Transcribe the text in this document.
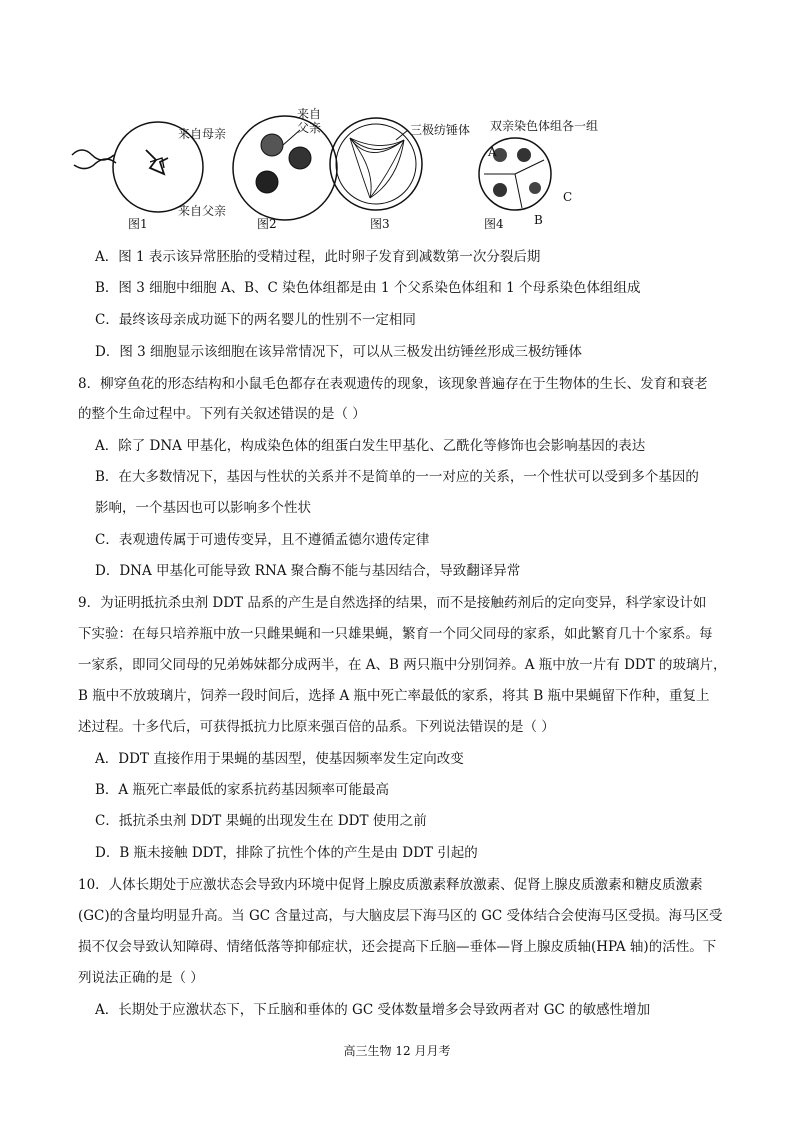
图1
来自母亲
来自
父亲
来自父亲
图2
三极纺锤体
图3
A
B
C
双亲染色体组各一组
图4
A．图 1 表示该异常胚胎的受精过程，此时卵子发育到减数第一次分裂后期
B．图 3 细胞中细胞 A、B、C 染色体组都是由 1 个父系染色体组和 1 个母系染色体组组成
C．最终该母亲成功诞下的两名婴儿的性别不一定相同
D．图 3 细胞显示该细胞在该异常情况下，可以从三极发出纺锤丝形成三极纺锤体
8．柳穿鱼花的形态结构和小鼠毛色都存在表观遗传的现象，该现象普遍存在于生物体的生长、发育和衰老
的整个生命过程中。下列有关叙述错误的是（ ）
A．除了 DNA 甲基化，构成染色体的组蛋白发生甲基化、乙酰化等修饰也会影响基因的表达
B．在大多数情况下，基因与性状的关系并不是简单的一一对应的关系，一个性状可以受到多个基因的
影响，一个基因也可以影响多个性状
C．表观遗传属于可遗传变异，且不遵循孟德尔遗传定律
D．DNA 甲基化可能导致 RNA 聚合酶不能与基因结合，导致翻译异常
9．为证明抵抗杀虫剂 DDT 品系的产生是自然选择的结果，而不是接触药剂后的定向变异，科学家设计如
下实验：在每只培养瓶中放一只雌果蝇和一只雄果蝇，繁育一个同父同母的家系，如此繁育几十个家系。每
一家系，即同父同母的兄弟姊妹都分成两半，在 A、B 两只瓶中分别饲养。A 瓶中放一片有 DDT 的玻璃片，
B 瓶中不放玻璃片，饲养一段时间后，选择 A 瓶中死亡率最低的家系，将其 B 瓶中果蝇留下作种，重复上
述过程。十多代后，可获得抵抗力比原来强百倍的品系。下列说法错误的是（ ）
A．DDT 直接作用于果蝇的基因型，使基因频率发生定向改变
B．A 瓶死亡率最低的家系抗药基因频率可能最高
C．抵抗杀虫剂 DDT 果蝇的出现发生在 DDT 使用之前
D．B 瓶未接触 DDT，排除了抗性个体的产生是由 DDT 引起的
10．人体长期处于应激状态会导致内环境中促肾上腺皮质激素释放激素、促肾上腺皮质激素和糖皮质激素
(GC)的含量均明显升高。当 GC 含量过高，与大脑皮层下海马区的 GC 受体结合会使海马区受损。海马区受
损不仅会导致认知障碍、情绪低落等抑郁症状，还会提高下丘脑—垂体—肾上腺皮质轴(HPA 轴)的活性。下
列说法正确的是（ ）
A．长期处于应激状态下，下丘脑和垂体的 GC 受体数量增多会导致两者对 GC 的敏感性增加
高三生物 12 月月考
